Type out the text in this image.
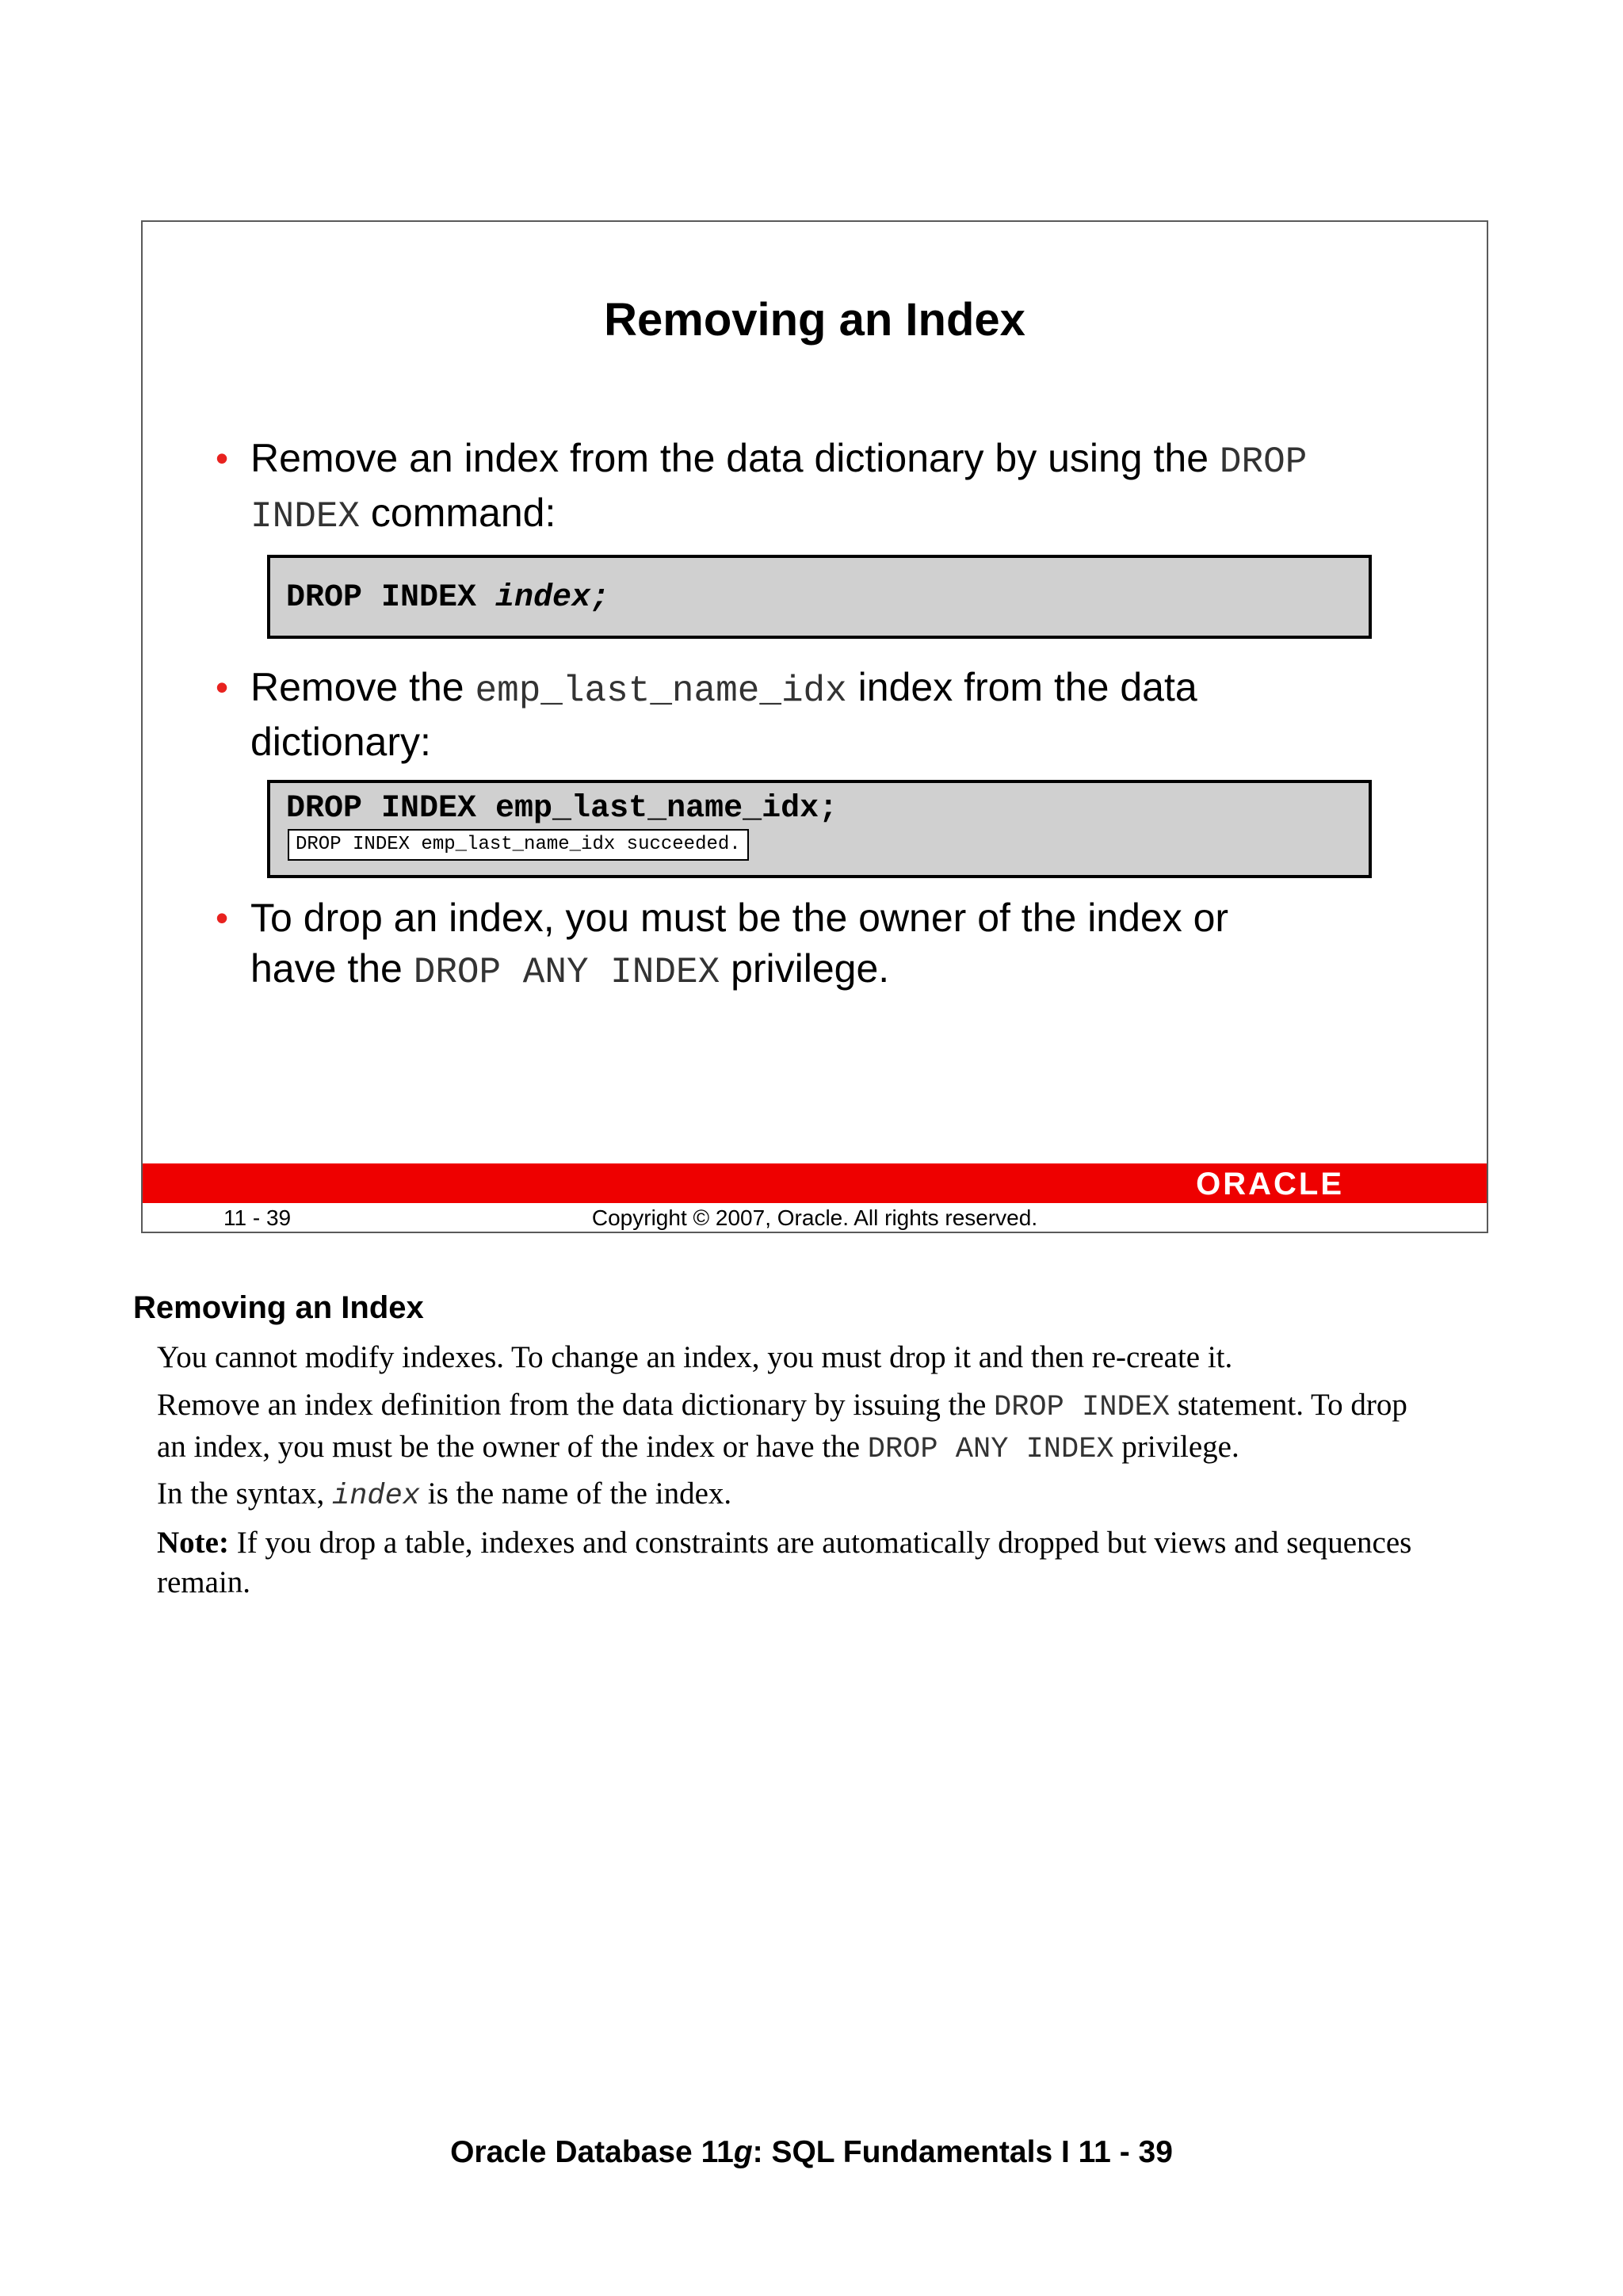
Removing an Index
• Remove an index from the data dictionary by using the DROP
INDEX command:
DROP INDEX index;
• Remove the emp_last_name_idx index from the data
dictionary:
DROP INDEX emp_last_name_idx;
DROP INDEX emp_last_name_idx succeeded.
• To drop an index, you must be the owner of the index or
have the DROP ANY INDEX privilege.
ORACLE
11 - 39	Copyright © 2007, Oracle. All rights reserved.
Removing an Index

You cannot modify indexes. To change an index, you must drop it and then re-create it.

Remove an index definition from the data dictionary by issuing the DROP INDEX statement. To drop
an index, you must be the owner of the index or have the DROP ANY INDEX privilege.

In the syntax, index is the name of the index.

Note: If you drop a table, indexes and constraints are automatically dropped but views and sequences
remain.

Oracle Database 11g: SQL Fundamentals I 11 - 39
